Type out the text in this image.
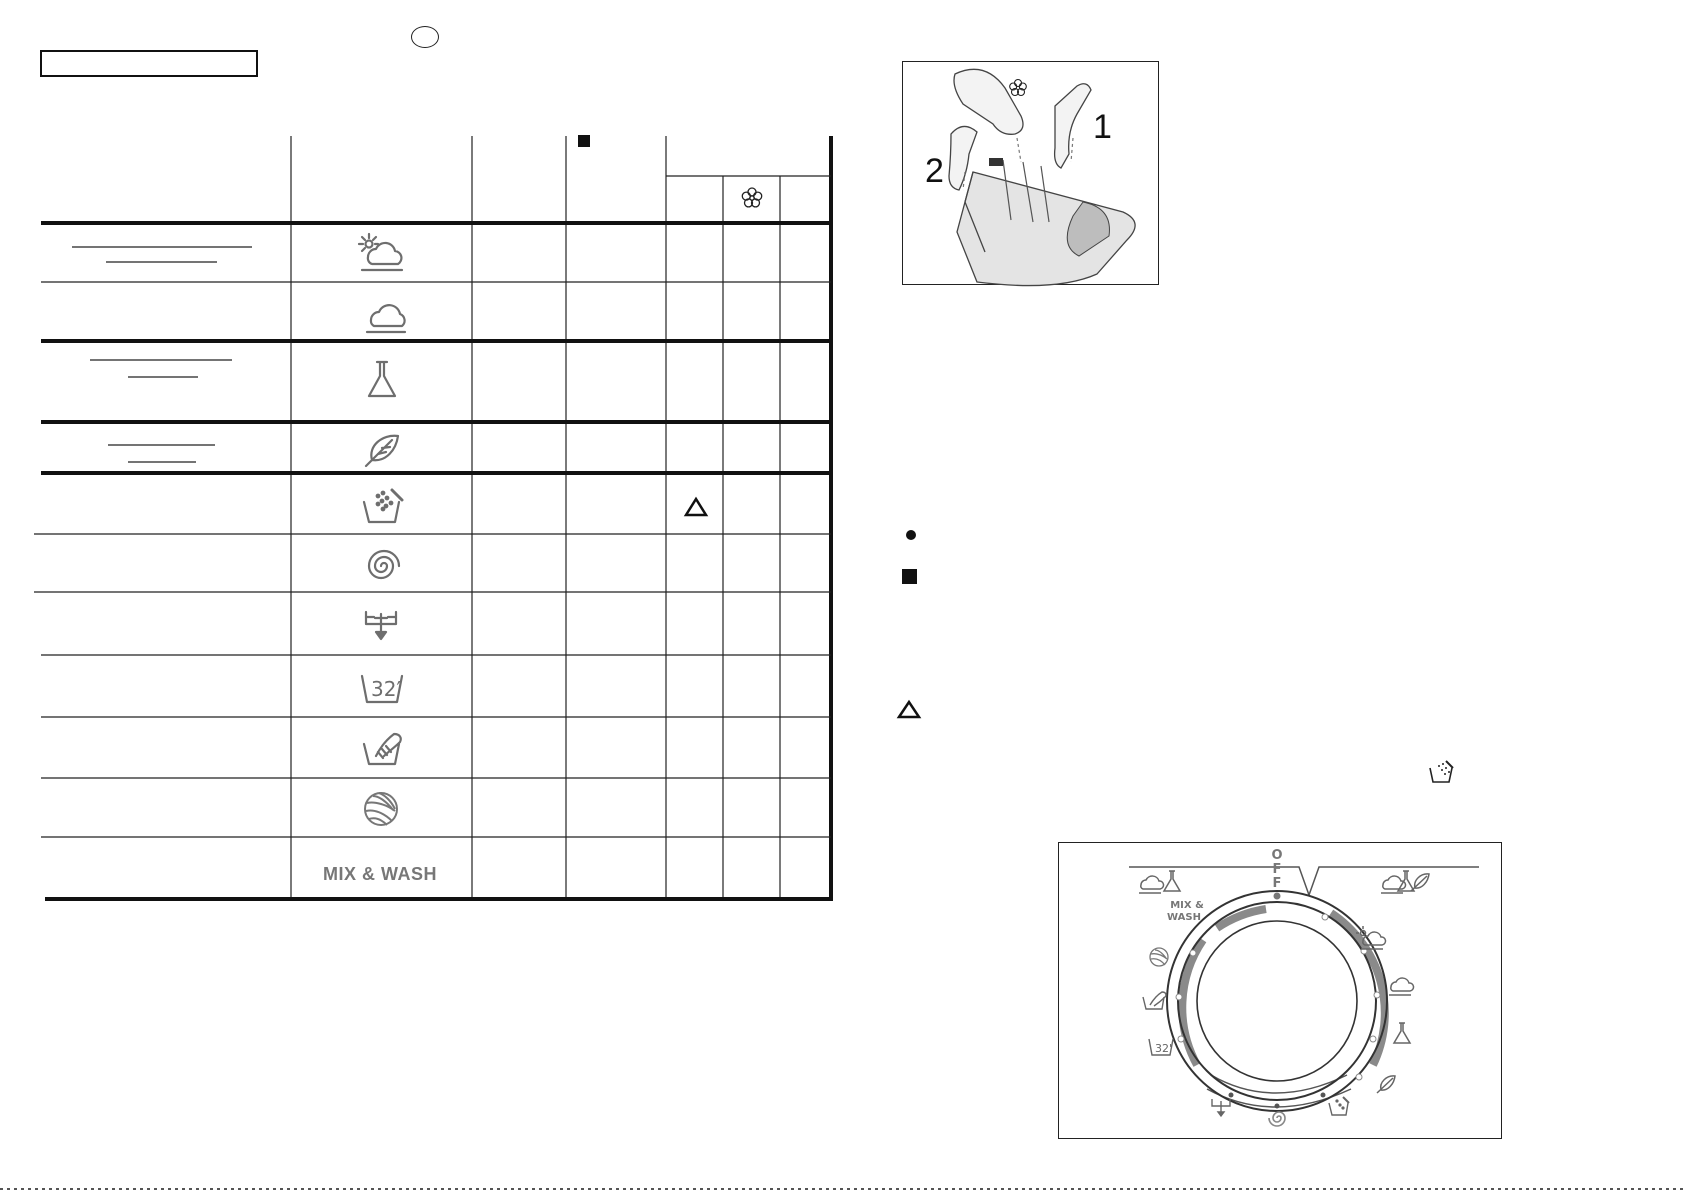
32′
MIX & WASH
1
2
O
F
F
MIX &
WASH
32'
